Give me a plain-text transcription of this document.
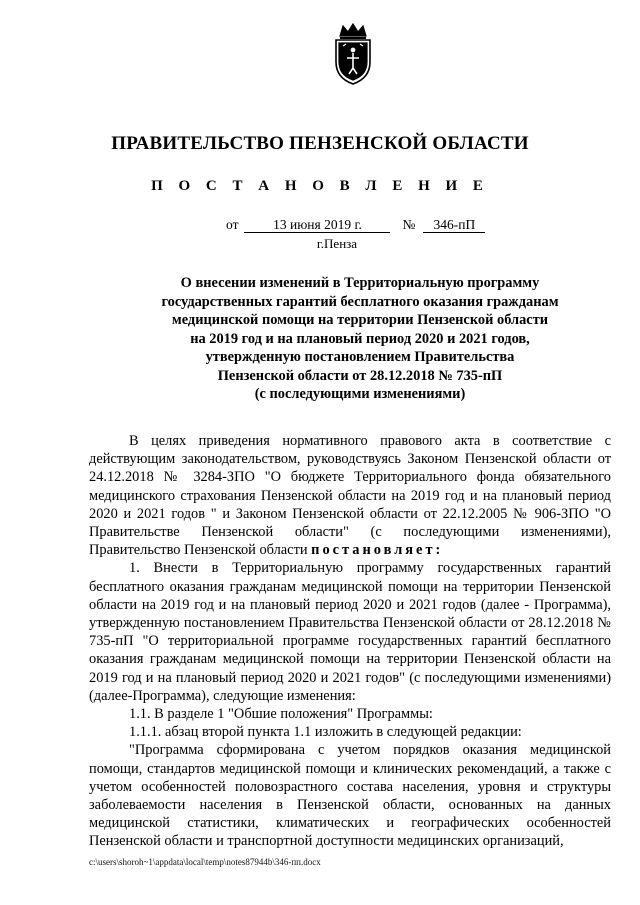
ПРАВИТЕЛЬСТВО ПЕНЗЕНСКОЙ ОБЛАСТИ
П О С Т А Н О В Л Е Н И Е
от	13 июня 2019 г.	№	346-пП
г.Пенза
О внесении изменений в Территориальную программу
государственных гарантий бесплатного оказания гражданам
медицинской помощи на территории Пензенской области
на 2019 год и на плановый период 2020 и 2021 годов,
утвержденную постановлением Правительства
Пензенской области от 28.12.2018 № 735-пП
(с последующими изменениями)

В целях приведения нормативного правового акта в соответствие с действующим законодательством, руководствуясь Законом Пензенской области от 24.12.2018 № 3284-ЗПО "О бюджете Территориального фонда обязательного медицинского страхования Пензенской области на 2019 год и на плановый период 2020 и 2021 годов " и Законом Пензенской области от 22.12.2005 № 906-ЗПО "О Правительстве Пензенской области" (с последующими изменениями), Правительство Пензенской области постановляет:

1. Внести в Территориальную программу государственных гарантий бесплатного оказания гражданам медицинской помощи на территории Пензенской области на 2019 год и на плановый период 2020 и 2021 годов (далее - Программа), утвержденную постановлением Правительства Пензенской области от 28.12.2018 № 735-пП "О территориальной программе государственных гарантий бесплатного оказания гражданам медицинской помощи на территории Пензенской области на 2019 год и на плановый период 2020 и 2021 годов" (с последующими изменениями) (далее-Программа), следующие изменения:

1.1. В разделе 1 "Обшие положения" Программы:

1.1.1. абзац второй пункта 1.1 изложить в следующей редакции:

"Программа сформирована с учетом порядков оказания медицинской помощи, стандартов медицинской помощи и клинических рекомендаций, а также с учетом особенностей половозрастного состава населения, уровня и структуры заболеваемости населения в Пензенской области, основанных на данных медицинской статистики, климатических и географических особенностей Пензенской области и транспортной доступности медицинских организаций,

c:\users\shoroh~1\appdata\local\temp\notes87944b\346-пп.docx
